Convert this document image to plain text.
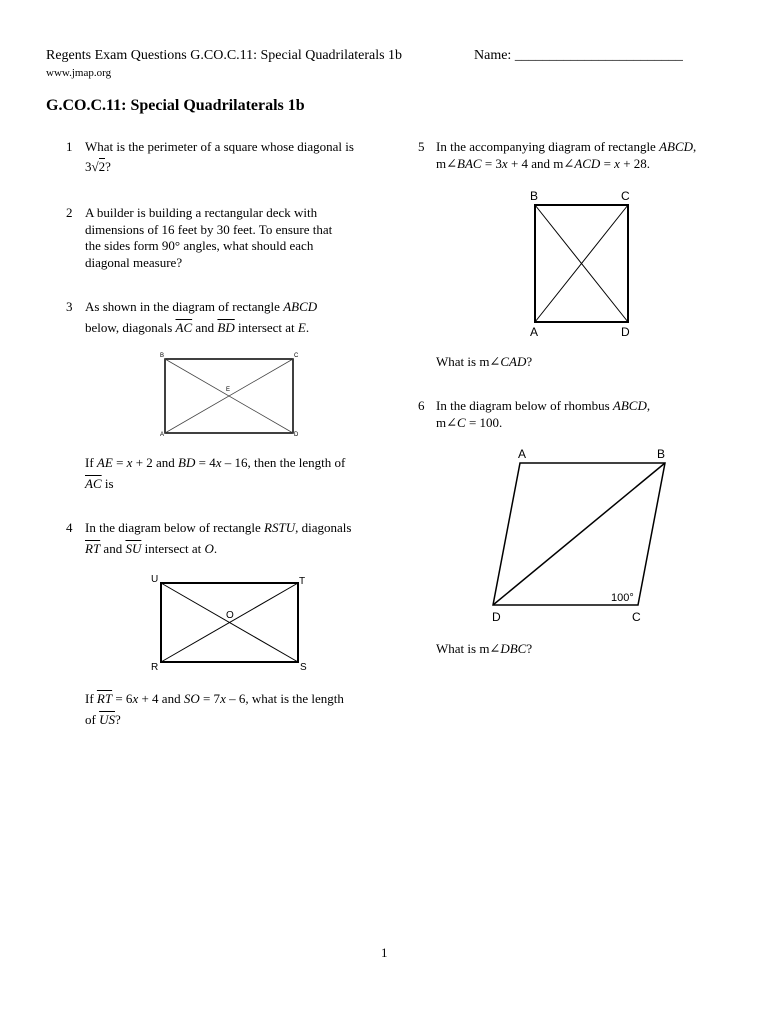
Regents Exam Questions G.CO.C.11: Special Quadrilaterals 1b	Name: ________________________
www.jmap.org
G.CO.C.11: Special Quadrilaterals 1b
1 What is the perimeter of a square whose diagonal is
3√2?
2 A builder is building a rectangular deck with
dimensions of 16 feet by 30 feet. To ensure that
the sides form 90° angles, what should each
diagonal measure?
3 As shown in the diagram of rectangle ABCD
below, diagonals $\overline{AC}$ and $\overline{BD}$ intersect at E.
B	C
A	D
E
If AE = x + 2 and BD = 4x – 16, then the length of
$\overline{AC}$ is
4 In the diagram below of rectangle RSTU, diagonals
$\overline{RT}$ and $\overline{SU}$ intersect at O.
U	T
O
R	S
If $\overline{RT} = 6x + 4$ and SO = 7x – 6, what is the length
of $\overline{US}$?
5 In the accompanying diagram of rectangle ABCD,
m∠BAC = 3x + 4 and m∠ACD = x + 28.
B	C
A	D
What is m∠CAD?
6 In the diagram below of rhombus ABCD,
m∠C = 100.
A	B
D	C
100°
What is m∠DBC?
1
